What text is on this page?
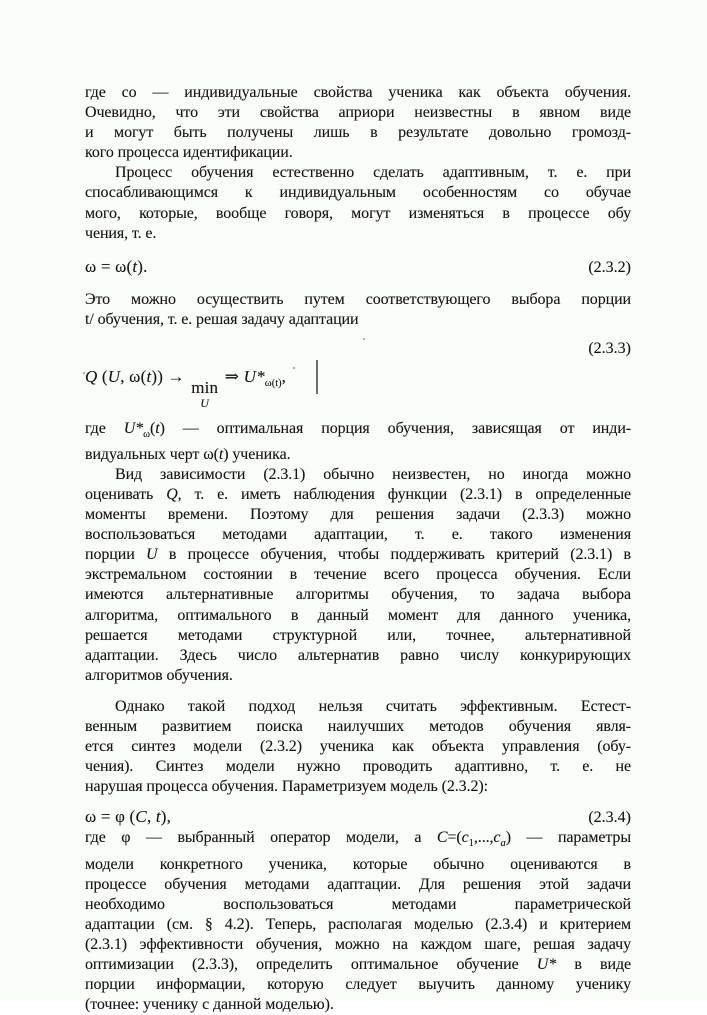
где со — индивидуальные свойства ученика как объекта обучения.
Очевидно, что эти свойства априори неизвестны в явном виде
и могут быть получены лишь в результате довольно громозд-
кого процесса идентификации.
Процесс обучения естественно сделать адаптивным, т. е. при
спосабливающимся к индивидуальным особенностям со обучае
мого, которые, вообще говоря, могут изменяться в процессе обу
чения, т. е.
ω = ω(t).	(2.3.2)
Это можно осуществить путем соответствующего выбора порции
t/ обучения, т. е. решая задачу адаптации
(2.3.3)
Q (U, ω(t)) →
min
U
⇒ $U*_{\omega(t)}$,
где $U*_\omega(t)$ — оптимальная порция обучения, зависящая от инди-
видуальных черт ω(t) ученика.
Вид зависимости (2.3.1) обычно неизвестен, но иногда можно
оценивать Q, т. е. иметь наблюдения функции (2.3.1) в определенные
моменты времени. Поэтому для решения задачи (2.3.3) можно
воспользоваться методами адаптации, т. е. такого изменения
порции U в процессе обучения, чтобы поддерживать критерий (2.3.1) в
экстремальном состоянии в течение всего процесса обучения. Если
имеются альтернативные алгоритмы обучения, то задача выбора
алгоритма, оптимального в данный момент для данного ученика,
решается методами структурной или, точнее, альтернативной
адаптации. Здесь число альтернатив равно числу конкурирующих
алгоритмов обучения.
Однако такой подход нельзя считать эффективным. Естест-
венным развитием поиска наилучших методов обучения явля-
ется синтез модели (2.3.2) ученика как объекта управления (обу-
чения). Синтез модели нужно проводить адаптивно, т. е. не
нарушая процесса обучения. Параметризуем модель (2.3.2):
ω = φ (C, t),	(2.3.4)
где φ — выбранный оператор модели, а $C=(c_1,...,c_a)$ — параметры
модели конкретного ученика, которые обычно оцениваются в
процессе обучения методами адаптации. Для решения этой задачи
необходимо воспользоваться методами параметрической
адаптации (см. § 4.2). Теперь, располагая моделью (2.3.4) и критерием
(2.3.1) эффективности обучения, можно на каждом шаге, решая задачу
оптимизации (2.3.3), определить оптимальное обучение U* в виде
порции информации, которую следует выучить данному ученику
(точнее: ученику с данной моделью).
